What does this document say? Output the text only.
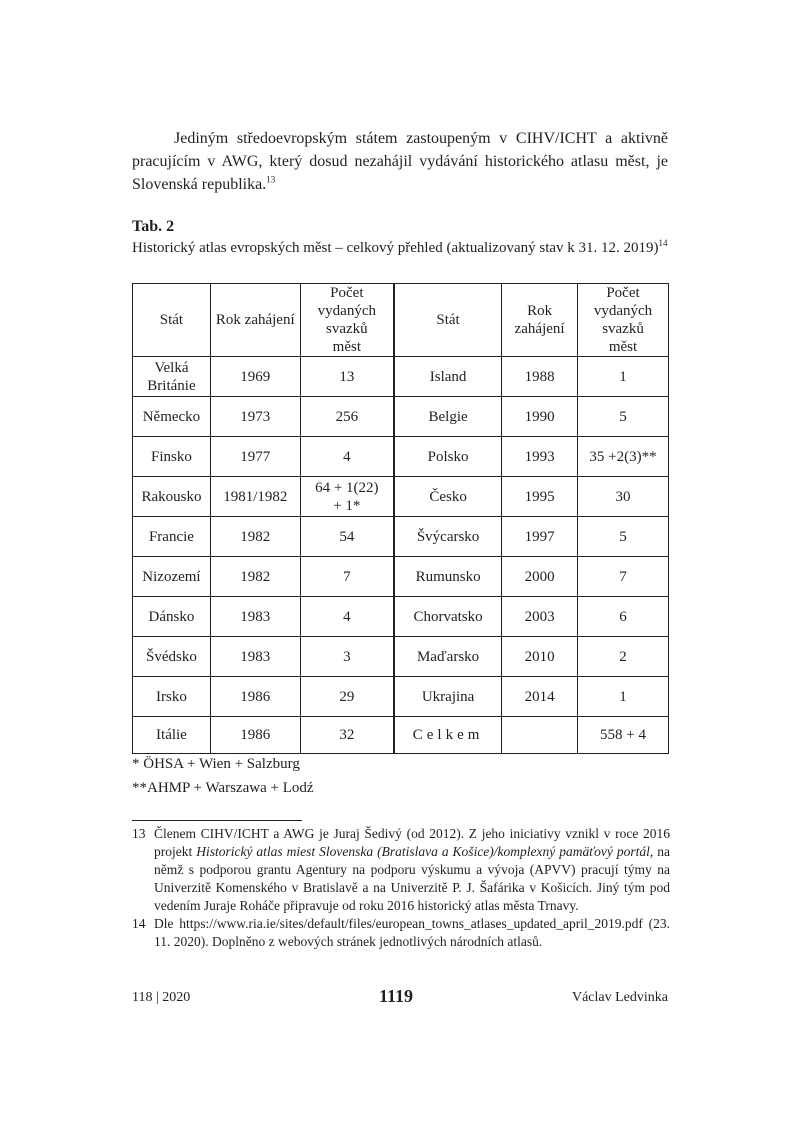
Jediným středoevropským státem zastoupeným v CIHV/ICHT a aktivně pracujícím v AWG, který dosud nezahájil vydávání historického atlasu měst, je Slovenská republika.$^{13}$
Tab. 2
Historický atlas evropských měst – celkový přehled (aktualizovaný stav k 31. 12. 2019)$^{14}$
Stát	Rok zahájení	Počet vydaných svazků měst	Stát	Rok zahájení	Počet vydaných svazků měst
Velká Británie	1969	13	Island	1988	1
Německo	1973	256	Belgie	1990	5
Finsko	1977	4	Polsko	1993	35 +2(3)**
Rakousko	1981/1982	64 + 1(22) + 1*	Česko	1995	30
Francie	1982	54	Švýcarsko	1997	5
Nizozemí	1982	7	Rumunsko	2000	7
Dánsko	1983	4	Chorvatsko	2003	6
Švédsko	1983	3	Maďarsko	2010	2
Irsko	1986	29	Ukrajina	2014	1
Itálie	1986	32	Celkem		558 + 4
* ÖHSA + Wien + Salzburg
**AHMP + Warszawa + Lodź
13 Členem CIHV/ICHT a AWG je Juraj Šedivý (od 2012). Z jeho iniciativy vznikl v roce 2016 projekt Historický atlas miest Slovenska (Bratislava a Košice)/komplexný pamäťový portál, na němž s podporou grantu Agentury na podporu výskumu a vývoja (APVV) pracují týmy na Univerzitě Komenského v Bratislavě a na Univerzitě P. J. Šafárika v Košicích. Jiný tým pod vedením Juraje Roháče připravuje od roku 2016 historický atlas města Trnavy.
14 Dle https://www.ria.ie/sites/default/files/european_towns_atlases_updated_april_2019.pdf (23. 11. 2020). Doplněno z webových stránek jednotlivých národních atlasů.
118 | 2020	1119	Václav Ledvinka
